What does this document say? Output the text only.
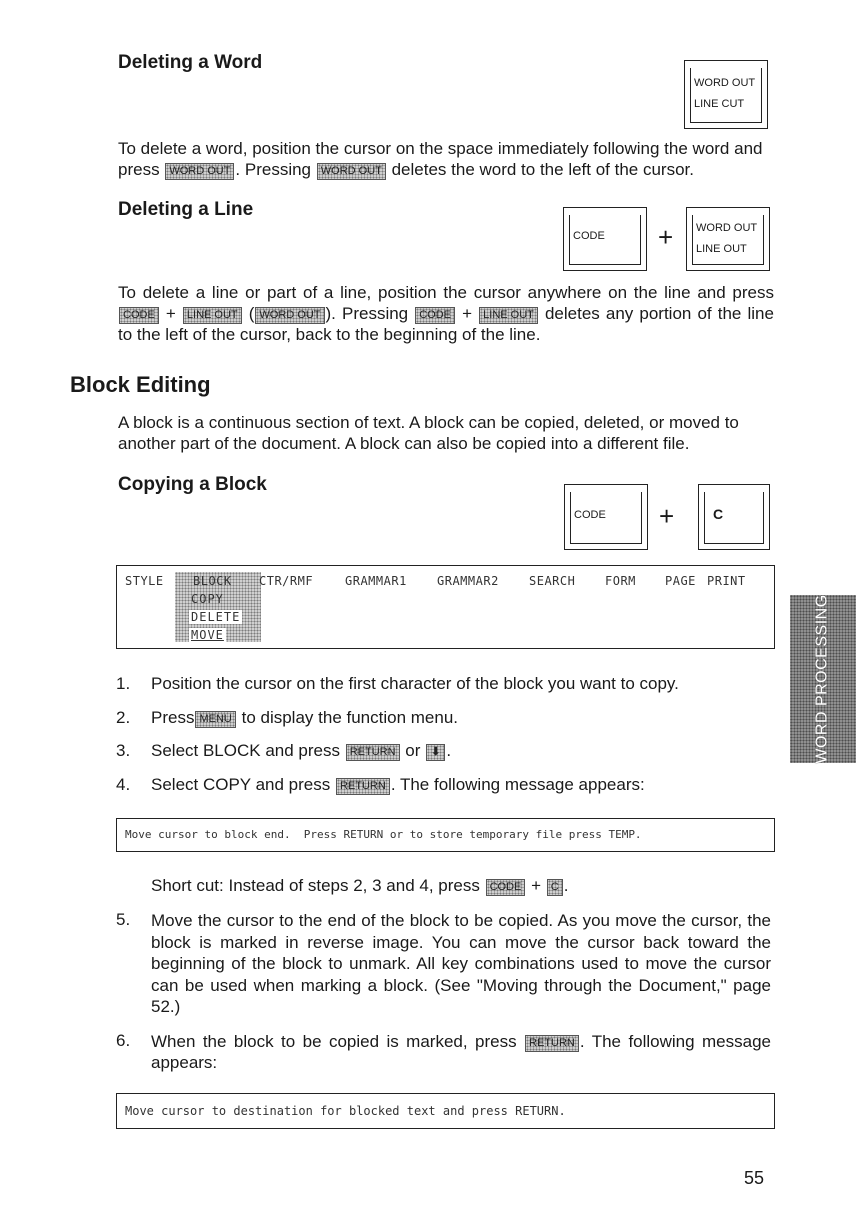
Deleting a Word
WORD OUT
LINE CUT

To delete a word, position the cursor on the space immediately following the word and press WORD OUT . Pressing WORD OUT deletes the word to the left of the cursor.

Deleting a Line
CODE + WORD OUT
LINE OUT

To delete a line or part of a line, position the cursor anywhere on the line and press CODE + LINE OUT ( WORD OUT ). Pressing CODE + LINE OUT deletes any portion of the line to the left of the cursor, back to the beginning of the line.

Block Editing

A block is a continuous section of text. A block can be copied, deleted, or moved to another part of the document. A block can also be copied into a different file.

Copying a Block
CODE +	C
COPY
DELETE
MOVE
STYLE BLOCK CTR/RMF	GRAMMAR1	GRAMMAR2	SEARCH FORM PAGE PRINT
1. Position the cursor on the first character of the block you want to copy.
2. Press MENU to display the function menu.
3. Select BLOCK and press RETURN or ⬇ .
4. Select COPY and press RETURN . The following message appears:
Move cursor to block end.  Press RETURN or to store temporary file press TEMP.
Short cut: Instead of steps 2, 3 and 4, press CODE + C .
5. Move the cursor to the end of the block to be copied. As you move the cursor, the block is marked in reverse image. You can move the cursor back toward the beginning of the block to unmark. All key combinations used to move the cursor can be used when marking a block. (See "Moving through the Document," page 52.)
6. When the block to be copied is marked, press RETURN . The following message appears:
Move cursor to destination for blocked text and press RETURN.
WORD PROCESSING
55
